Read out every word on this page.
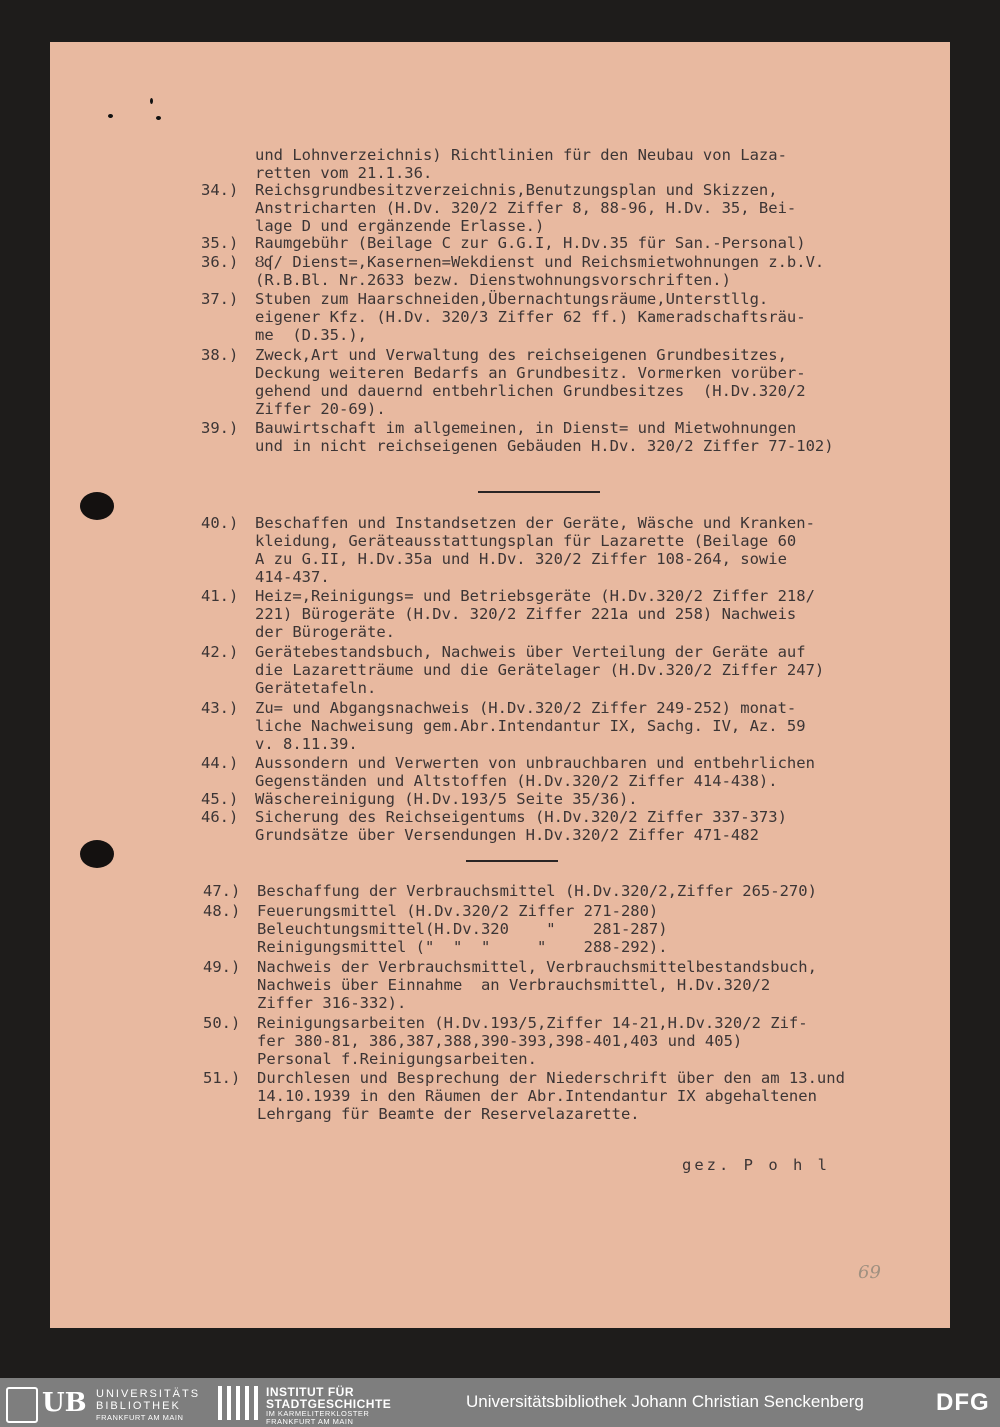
und Lohnverzeichnis) Richtlinien für den Neubau von Laza-
retten vom 21.1.36.
34.) Reichsgrundbesitzverzeichnis,Benutzungsplan und Skizzen,
Anstricharten (H.Dv. 320/2 Ziffer 8, 88-96, H.Dv. 35, Bei-
lage D und ergänzende Erlasse.)
35.) Raumgebühr (Beilage C zur G.G.I, H.Dv.35 für San.-Personal)
36.) Ȣʠ/ Dienst=,Kasernen=Wekdienst und Reichsmietwohnungen z.b.V.
(R.B.Bl. Nr.2633 bezw. Dienstwohnungsvorschriften.)
37.) Stuben zum Haarschneiden,Übernachtungsräume,Unterstllg.
eigener Kfz. (H.Dv. 320/3 Ziffer 62 ff.) Kameradschaftsräu-
me  (D.35.),
38.) Zweck,Art und Verwaltung des reichseigenen Grundbesitzes,
Deckung weiteren Bedarfs an Grundbesitz. Vormerken vorüber-
gehend und dauernd entbehrlichen Grundbesitzes  (H.Dv.320/2
Ziffer 20-69).
39.) Bauwirtschaft im allgemeinen, in Dienst= und Mietwohnungen
und in nicht reichseigenen Gebäuden H.Dv. 320/2 Ziffer 77-102)
40.) Beschaffen und Instandsetzen der Geräte, Wäsche und Kranken-
kleidung, Geräteausstattungsplan für Lazarette (Beilage 60
A zu G.II, H.Dv.35a und H.Dv. 320/2 Ziffer 108-264, sowie
414-437.
41.) Heiz=,Reinigungs= und Betriebsgeräte (H.Dv.320/2 Ziffer 218/
221) Bürogeräte (H.Dv. 320/2 Ziffer 221a und 258) Nachweis
der Bürogeräte.
42.) Gerätebestandsbuch, Nachweis über Verteilung der Geräte auf
die Lazaretträume und die Gerätelager (H.Dv.320/2 Ziffer 247)
Gerätetafeln.
43.) Zu= und Abgangsnachweis (H.Dv.320/2 Ziffer 249-252) monat-
liche Nachweisung gem.Abr.Intendantur IX, Sachg. IV, Az. 59
v. 8.11.39.
44.) Aussondern und Verwerten von unbrauchbaren und entbehrlichen
Gegenständen und Altstoffen (H.Dv.320/2 Ziffer 414-438).
45.) Wäschereinigung (H.Dv.193/5 Seite 35/36).
46.) Sicherung des Reichseigentums (H.Dv.320/2 Ziffer 337-373)
Grundsätze über Versendungen H.Dv.320/2 Ziffer 471-482
47.) Beschaffung der Verbrauchsmittel (H.Dv.320/2,Ziffer 265-270)
48.) Feuerungsmittel (H.Dv.320/2 Ziffer 271-280)
Beleuchtungsmittel(H.Dv.320    "    281-287)
Reinigungsmittel ("  "  "     "    288-292).
49.) Nachweis der Verbrauchsmittel, Verbrauchsmittelbestandsbuch,
Nachweis über Einnahme  an Verbrauchsmittel, H.Dv.320/2
Ziffer 316-332).
50.) Reinigungsarbeiten (H.Dv.193/5,Ziffer 14-21,H.Dv.320/2 Zif-
fer 380-81, 386,387,388,390-393,398-401,403 und 405)
Personal f.Reinigungsarbeiten.
51.) Durchlesen und Besprechung der Niederschrift über den am 13.und
14.10.1939 in den Räumen der Abr.Intendantur IX abgehaltenen
Lehrgang für Beamte der Reservelazarette.
gez. P o h l
69
UB UNIVERSITÄTS
BIBLIOTHEK
FRANKFURT AM MAIN
INSTITUT FÜR
STADTGESCHICHTE
IM KARMELITERKLOSTER
FRANKFURT AM MAIN
Universitätsbibliothek Johann Christian Senckenberg	DFG
